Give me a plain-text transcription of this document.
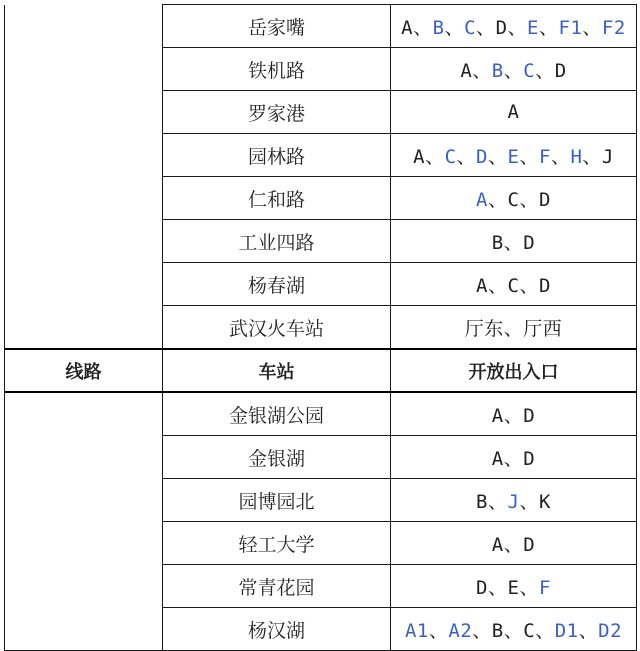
	岳家嘴	A、B、C、D、E、F1、F2
	铁机路	A、B、C、D
	罗家港	A
	园林路	A、C、D、E、F、H、J
	仁和路	A、C、D
	工业四路	B、D
	杨春湖	A、C、D
	武汉火车站	厅东、厅西
线路	车站	开放出入口
	金银湖公园	A、D
	金银湖	A、D
	园博园北	B、J、K
	轻工大学	A、D
	常青花园	D、E、F
	杨汉湖	A1、A2、B、C、D1、D2
